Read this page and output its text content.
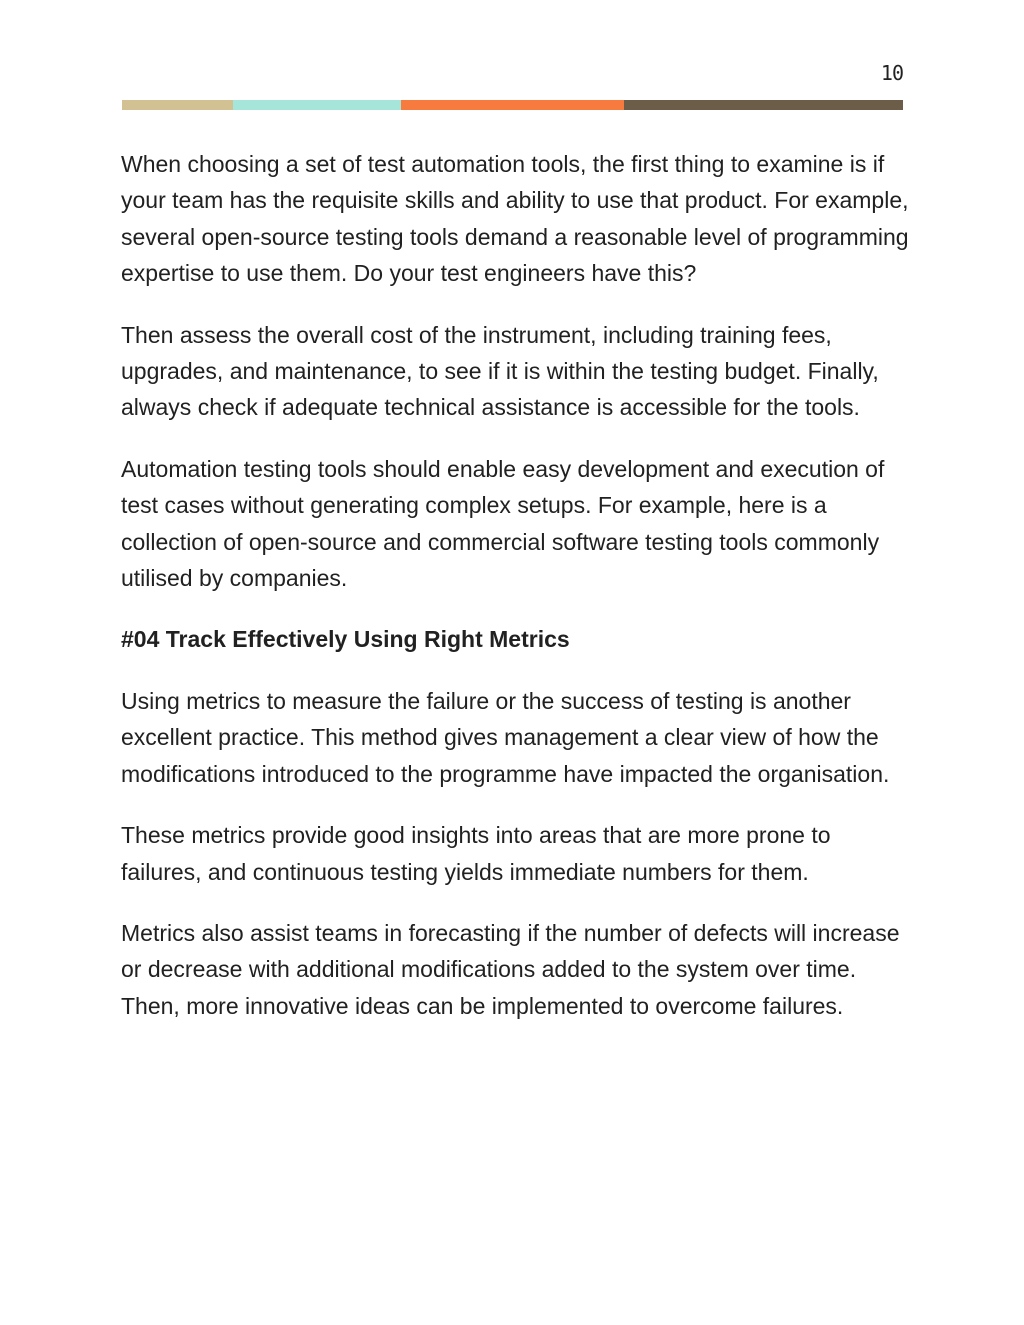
10

When choosing a set of test automation tools, the first thing to examine is if your team has the requisite skills and ability to use that product. For example, several open-source testing tools demand a reasonable level of programming expertise to use them. Do your test engineers have this?

Then assess the overall cost of the instrument, including training fees, upgrades, and maintenance, to see if it is within the testing budget. Finally, always check if adequate technical assistance is accessible for the tools.

Automation testing tools should enable easy development and execution of test cases without generating complex setups. For example, here is a collection of open-source and commercial software testing tools commonly utilised by companies.

#04 Track Effectively Using Right Metrics

Using metrics to measure the failure or the success of testing is another excellent practice. This method gives management a clear view of how the modifications introduced to the programme have impacted the organisation.

These metrics provide good insights into areas that are more prone to failures, and continuous testing yields immediate numbers for them.

Metrics also assist teams in forecasting if the number of defects will increase or decrease with additional modifications added to the system over time. Then, more innovative ideas can be implemented to overcome failures.
